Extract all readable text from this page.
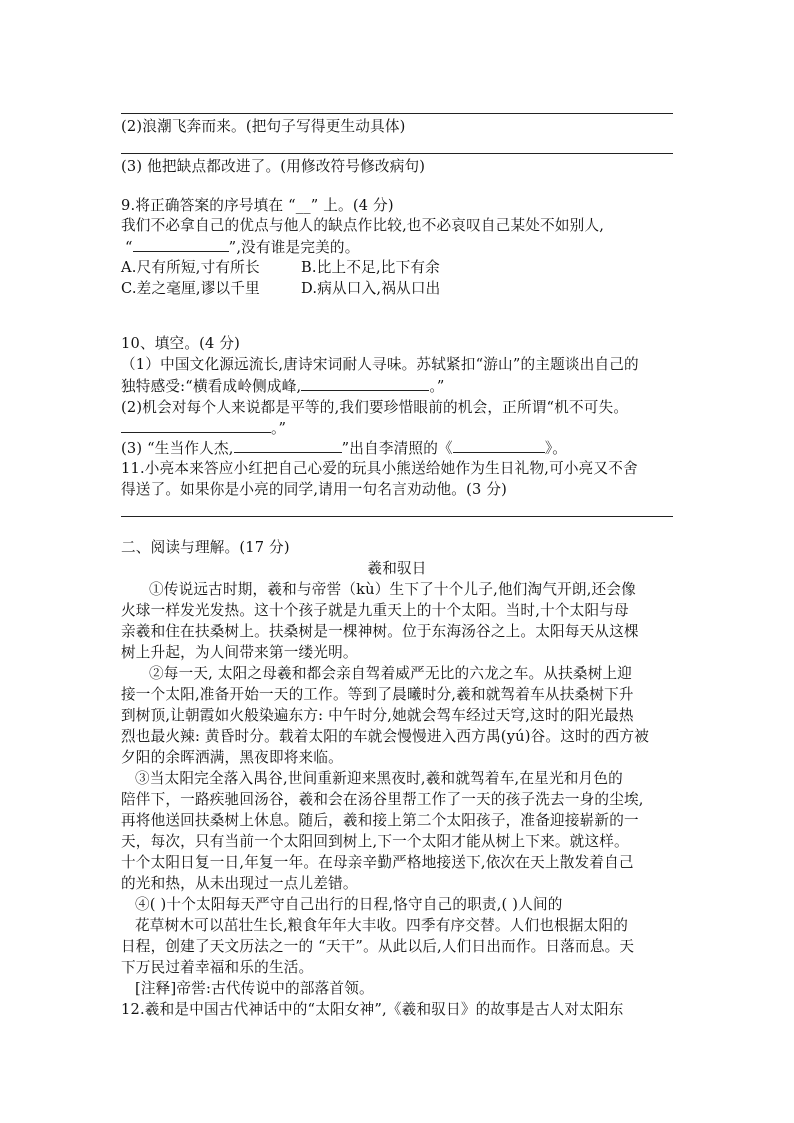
(2)浪潮飞奔而来。(把句子写得更生动具体)
(3) 他把缺点都改进了。(用修改符号修改病句)
9.将正确答案的序号填在 “__” 上。(4 分)
我们不必拿自己的优点与他人的缺点作比较,也不必哀叹自己某处不如别人,
“	”,没有谁是完美的。
A.尺有所短,寸有所长	B.比上不足,比下有余
C.差之毫厘,谬以千里	D.病从口入,祸从口出
10、填空。(4 分)
（1）中国文化源远流长,唐诗宋词耐人寻味。苏轼紧扣“游山”的主题谈出自己的
独特感受:“横看成岭侧成峰,	。”
(2)机会对每个人来说都是平等的,我们要珍惜眼前的机会，正所谓“机不可失。
。”
(3) “生当作人杰,	”出自李清照的《	》。
11.小亮本来答应小红把自己心爱的玩具小熊送给她作为生日礼物,可小亮又不舍
得送了。如果你是小亮的同学,请用一句名言劝动他。(3 分)
二、阅读与理解。(17 分)
羲和驭日
①传说远古时期，羲和与帝喾（kù）生下了十个儿子,他们淘气开朗,还会像
火球一样发光发热。这十个孩子就是九重天上的十个太阳。当时,十个太阳与母
亲羲和住在扶桑树上。扶桑树是一棵神树。位于东海汤谷之上。太阳每天从这棵
树上升起，为人间带来第一缕光明。
②每一天, 太阳之母羲和都会亲自驾着威严无比的六龙之车。从扶桑树上迎
接一个太阳,准备开始一天的工作。等到了晨曦时分,羲和就驾着车从扶桑树下升
到树顶,让朝霞如火般染遍东方: 中午时分,她就会驾车经过天穹,这时的阳光最热
烈也最火辣: 黄昏时分。载着太阳的车就会慢慢进入西方禺(yú)谷。这时的西方被
夕阳的余晖洒满，黑夜即将来临。
③当太阳完全落入禺谷,世间重新迎来黑夜时,羲和就驾着车,在星光和月色的
陪伴下，一路疾驰回汤谷，羲和会在汤谷里帮工作了一天的孩子洗去一身的尘埃,
再将他送回扶桑树上休息。随后，羲和接上第二个太阳孩子，准备迎接崭新的一
天，每次，只有当前一个太阳回到树上,下一个太阳才能从树上下来。就这样。
十个太阳日复一日,年复一年。在母亲辛勤严格地接送下,依次在天上散发着自己
的光和热，从未出现过一点儿差错。
④( )十个太阳每天严守自己出行的日程,恪守自己的职责,( )人间的
花草树木可以茁壮生长,粮食年年大丰收。四季有序交替。人们也根据太阳的
日程，创建了天文历法之一的 “天干”。从此以后,人们日出而作。日落而息。天
下万民过着幸福和乐的生活。
[注释]帝喾:古代传说中的部落首领。
12.羲和是中国古代神话中的“太阳女神”,《羲和驭日》的故事是古人对太阳东
